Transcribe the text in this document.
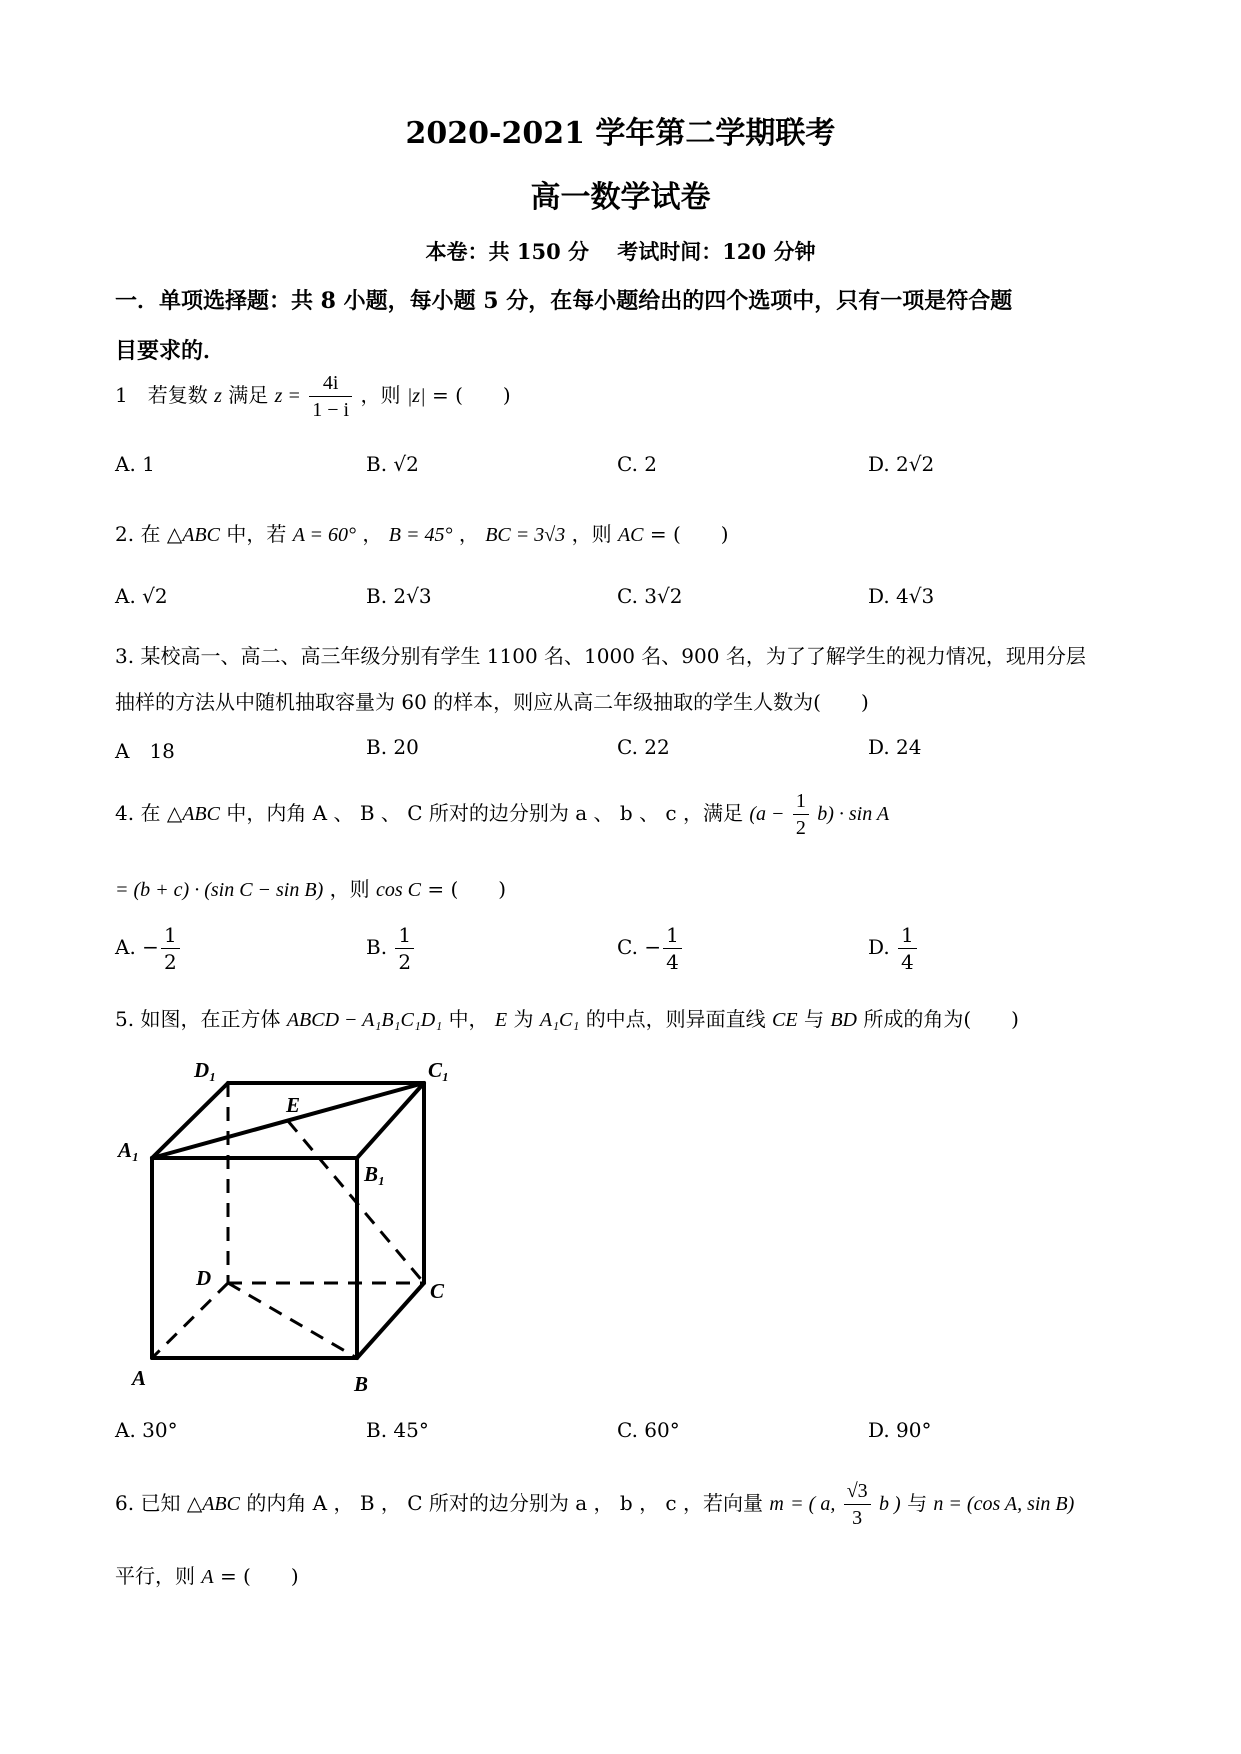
2020-2021 学年第二学期联考
高一数学试卷
本卷：共 150 分　 考试时间：120 分钟
一．单项选择题：共 8 小题，每小题 5 分，在每小题给出的四个选项中，只有一项是符合题
目要求的．
1　若复数 z 满足 $z = \frac{4i}{1 - i}$ ，则 |z| = (　　)
A. 1	B. √2	C. 2	D. 2√2
2. 在 △ABC 中，若 A = 60° ， B = 45° ， BC = 3√3 ，则 AC = (　　)
A. √2	B. 2√3	C. 3√2	D. 4√3
3. 某校高一、高二、高三年级分别有学生 1100 名、1000 名、900 名，为了了解学生的视力情况，现用分层
抽样的方法从中随机抽取容量为 60 的样本，则应从高二年级抽取的学生人数为(　　)
A　18	B. 20	C. 22	D. 24
4. 在 △ABC 中，内角 A 、 B 、 C 所对的边分别为 a 、 b 、 c ，满足 $(a - \frac{1}{2} b) \cdot \sin A$
= (b + c) · (sin C − sin B) ，则 cos C = (　　)
A. − $\frac{1}{2}$	B. $\frac{1}{2}$	C. − $\frac{1}{4}$	D. $\frac{1}{4}$
5. 如图，在正方体 ABCD − A₁B₁C₁D₁ 中， E 为 A₁C₁ 的中点，则异面直线 CE 与 BD 所成的角为(　　)
D₁	C₁
E
A₁
B₁
D
C
A	B
A. 30°	B. 45°	C. 60°	D. 90°
6. 已知 △ABC 的内角 A ， B ， C 所对的边分别为 a ， b ， c ，若向量 m = ( a, $\frac{√3}{3}$ b ) 与 n = (cos A, sin B)
平行，则 A = (　　)
